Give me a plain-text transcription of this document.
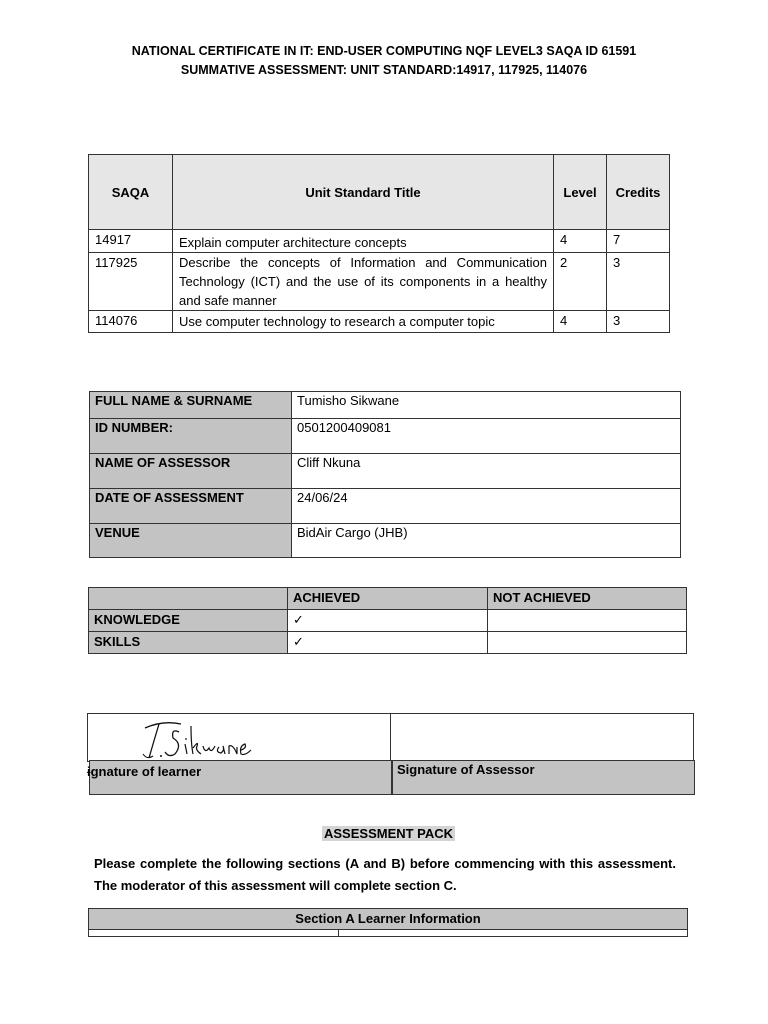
NATIONAL CERTIFICATE IN IT: END-USER COMPUTING NQF LEVEL3 SAQA ID 61591
SUMMATIVE ASSESSMENT: UNIT STANDARD:14917, 117925, 114076
SAQA	Unit Standard Title	Level	Credits
14917	Explain computer architecture concepts	4	7
117925	Describe the concepts of Information and Communication Technology (ICT) and the use of its components in a healthy and safe manner	2	3
114076	Use computer technology to research a computer topic	4	3
FULL NAME & SURNAME	Tumisho Sikwane
ID NUMBER:	0501200409081
NAME OF ASSESSOR	Cliff Nkuna
DATE OF ASSESSMENT	24/06/24
VENUE	BidAir Cargo (JHB)
	ACHIEVED	NOT ACHIEVED
KNOWLEDGE	✓	
SKILLS	✓	
ɨgnature of learner	Signature of Assessor
ASSESSMENT PACK
Please complete the following sections (A and B) before commencing with this assessment. The moderator of this assessment will complete section C.
Section A Learner Information
